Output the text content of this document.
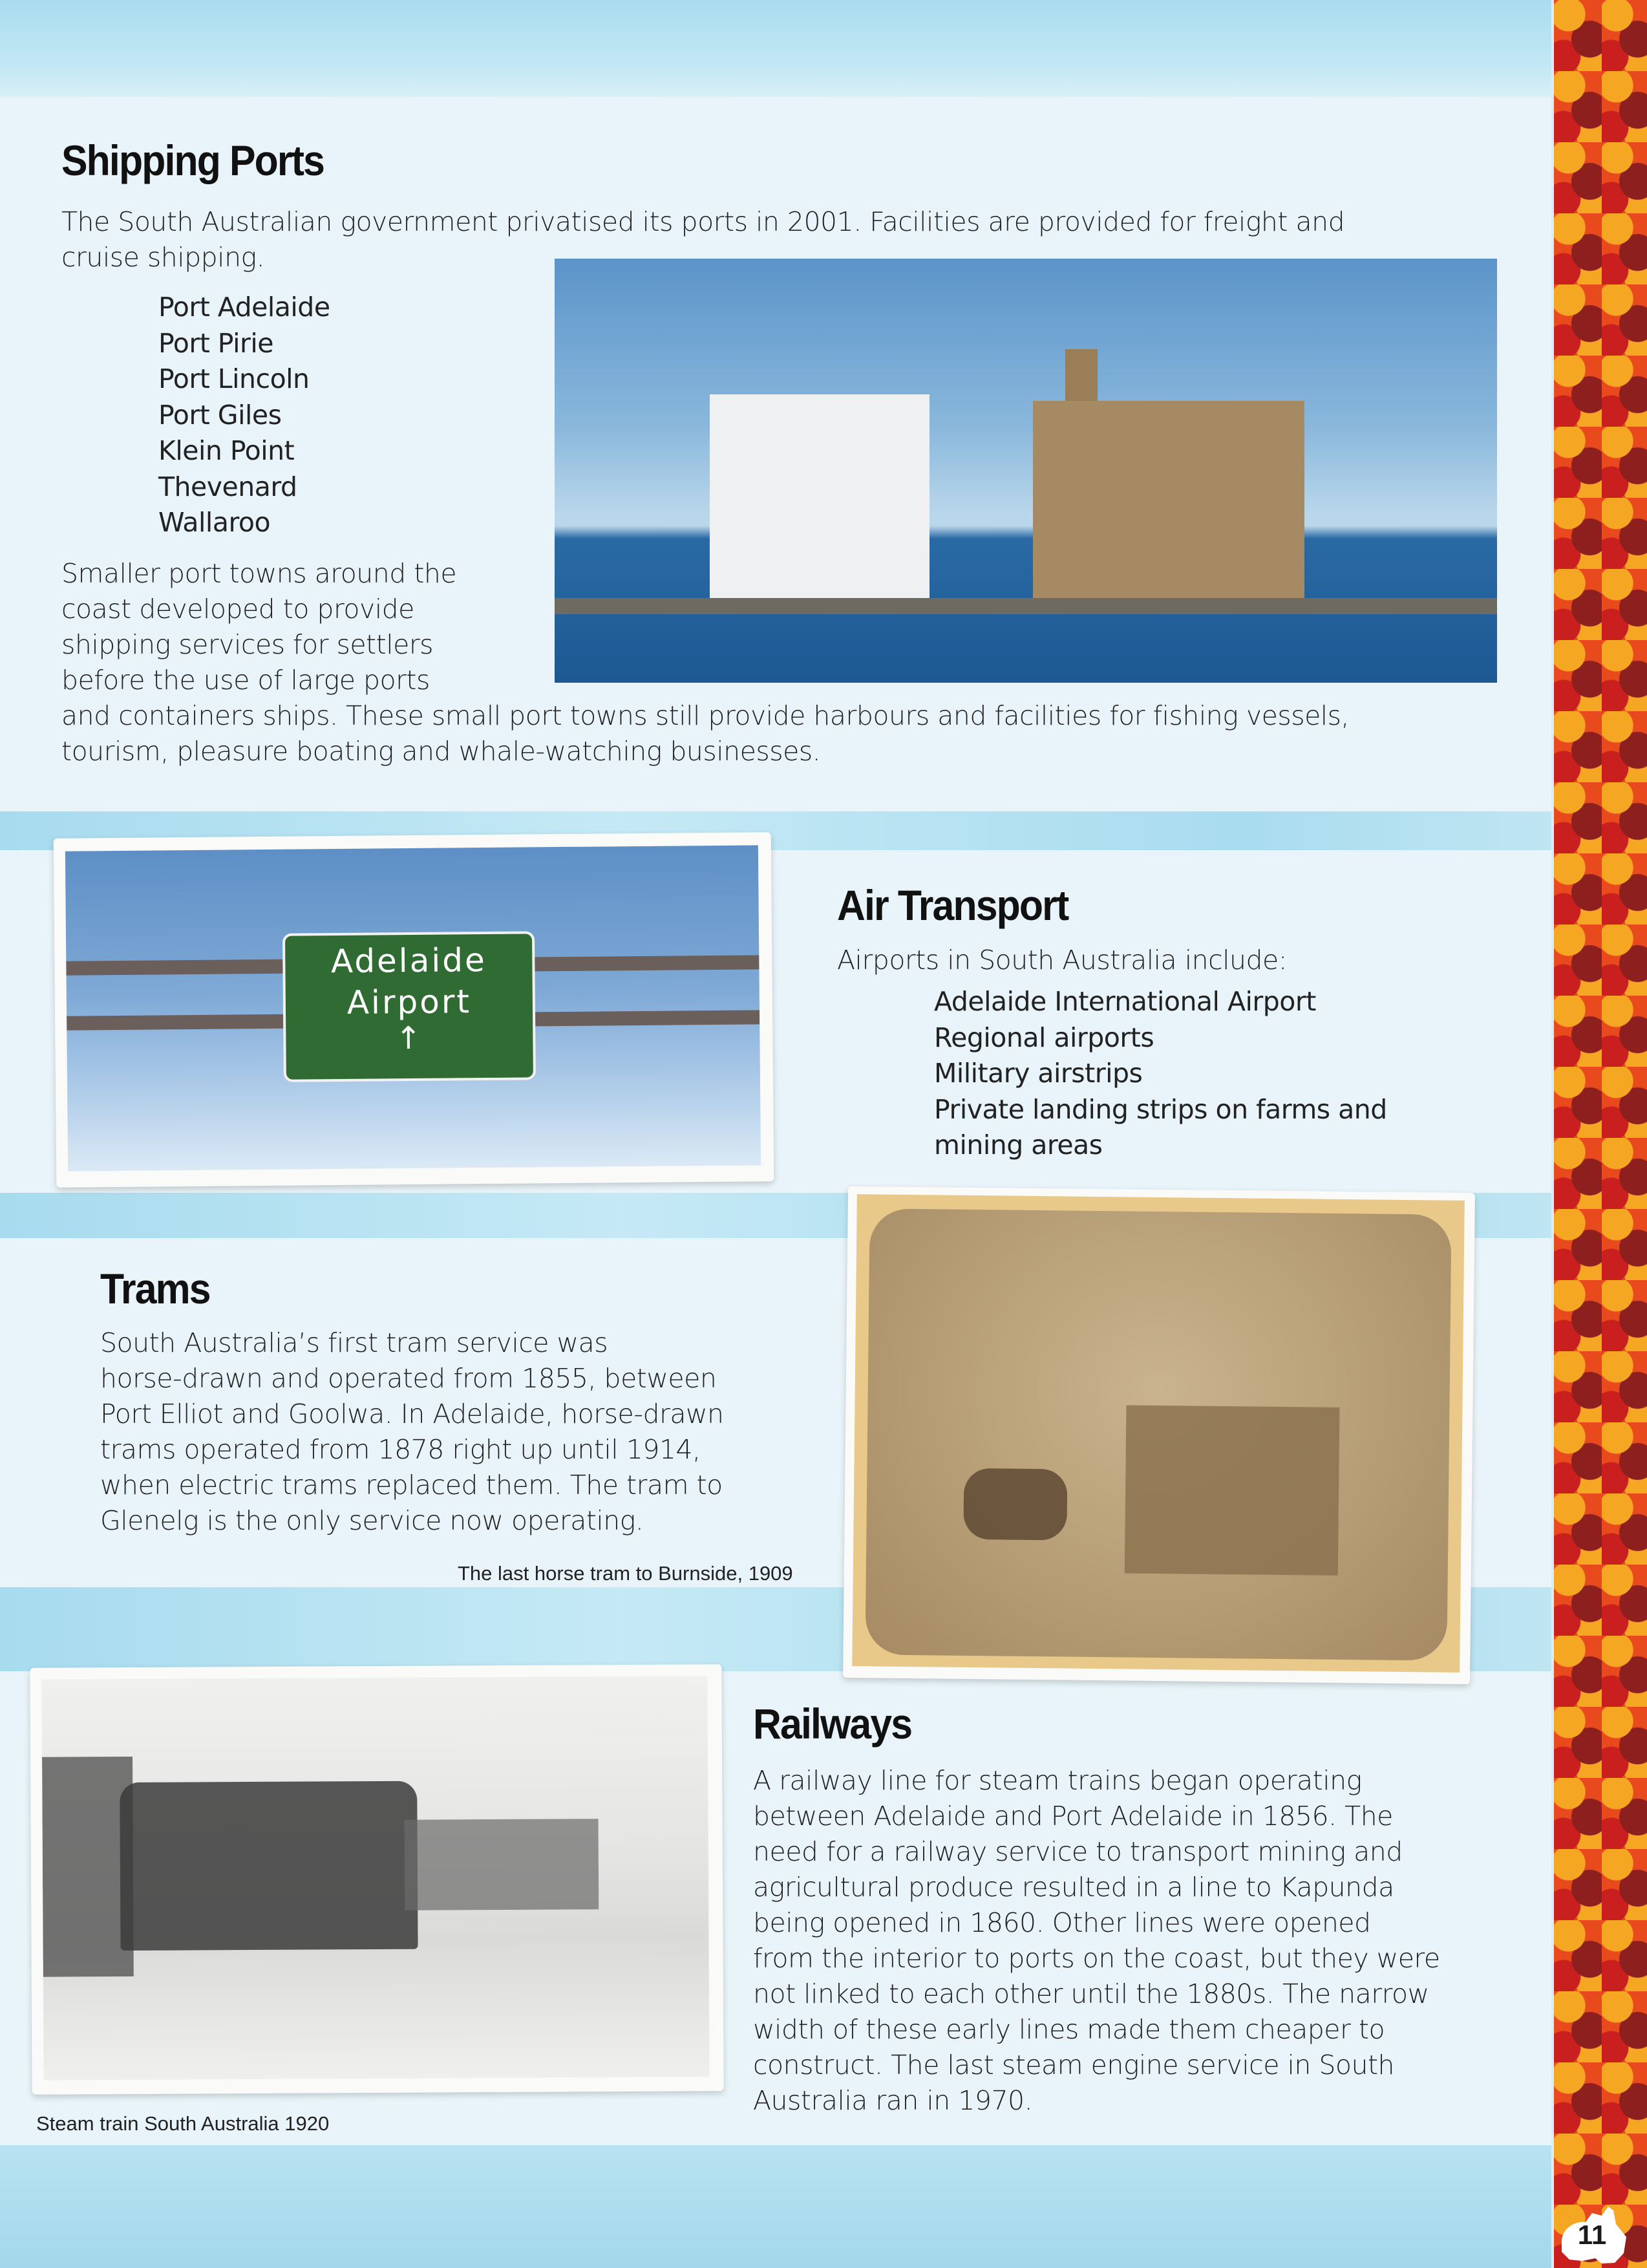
11
Shipping Ports

The South Australian government privatised its ports in 2001. Facilities are provided for freight and

cruise shipping.

Port Adelaide
Port Pirie
Port Lincoln
Port Giles
Klein Point
Thevenard
Wallaroo

Smaller port towns around the

coast developed to provide

shipping services for settlers

before the use of large ports

and containers ships. These small port towns still provide harbours and facilities for fishing vessels,

tourism, pleasure boating and whale-watching businesses.

Adelaide
Airport
↑
Air Transport

Airports in South Australia include:

Adelaide International Airport
Regional airports
Military airstrips
Private landing strips on farms and
mining areas
Trams

South Australia’s first tram service was

horse-drawn and operated from 1855, between

Port Elliot and Goolwa. In Adelaide, horse-drawn

trams operated from 1878 right up until 1914,

when electric trams replaced them. The tram to

Glenelg is the only service now operating.

The last horse tram to Burnside, 1909

Steam train South Australia 1920

Railways

A railway line for steam trains began operating

between Adelaide and Port Adelaide in 1856. The

need for a railway service to transport mining and

agricultural produce resulted in a line to Kapunda

being opened in 1860. Other lines were opened

from the interior to ports on the coast, but they were

not linked to each other until the 1880s. The narrow

width of these early lines made them cheaper to

construct. The last steam engine service in South

Australia ran in 1970.
